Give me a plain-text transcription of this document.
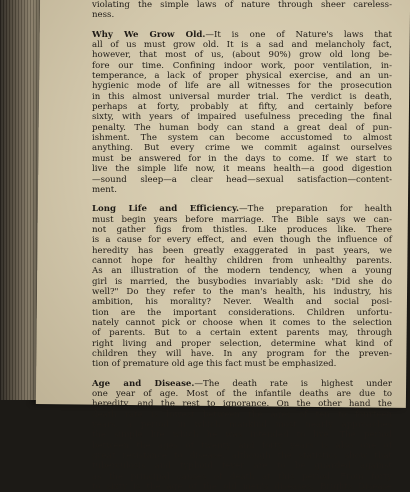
violating the simple laws of nature through sheer careless-
ness.

Why We Grow Old.—It is one of Nature's laws that
all of us must grow old. It is a sad and melancholy fact,
however, that most of us, (about 90%) grow old long be-
fore our time. Confining indoor work, poor ventilation, in-
temperance, a lack of proper physical exercise, and an un-
hygienic mode of life are all witnesses for the prosecution
in this almost universal murder trial. The verdict is death,
perhaps at forty, probably at fifty, and certainly before
sixty, with years of impaired usefulness preceding the final
penalty. The human body can stand a great deal of pun-
ishment. The system can become accustomed to almost
anything. But every crime we commit against ourselves
must be answered for in the days to come. If we start to
live the simple life now, it means health—a good digestion
—sound sleep—a clear head—sexual satisfaction—content-
ment.

Long Life and Efficiency.—The preparation for health
must begin years before marriage. The Bible says we can-
not gather figs from thistles. Like produces like. There
is a cause for every effect, and even though the influence of
heredity has been greatly exaggerated in past years, we
cannot hope for healthy children from unhealthy parents.
As an illustration of the modern tendency, when a young
girl is married, the busybodies invariably ask: "Did she do
well?" Do they refer to the man's health, his industry, his
ambition, his morality? Never. Wealth and social posi-
tion are the important considerations. Children unfortu-
nately cannot pick or choose when it comes to the selection
of parents. But to a certain extent parents may, through
right living and proper selection, determine what kind of
children they will have. In any program for the preven-
tion of premature old age this fact must be emphasized.

Age and Disease.—The death rate is highest under
one year of age. Most of the infantile deaths are due to
heredity, and the rest to ignorance. On the other hand the
death rate is lowest between the ages of ten to fourteen
years, a period in which mankind most nearly approaches
the simple life which he was intended to live. The period
between the ages of twenty and forty years is also one of
great resistance to disease, although the statistics show that
tuberculosis and typhoid fever are to be guarded against
as the principal causes of death at this period. From forty
to sixty is the age of the old men's diseases, Brights Disease
